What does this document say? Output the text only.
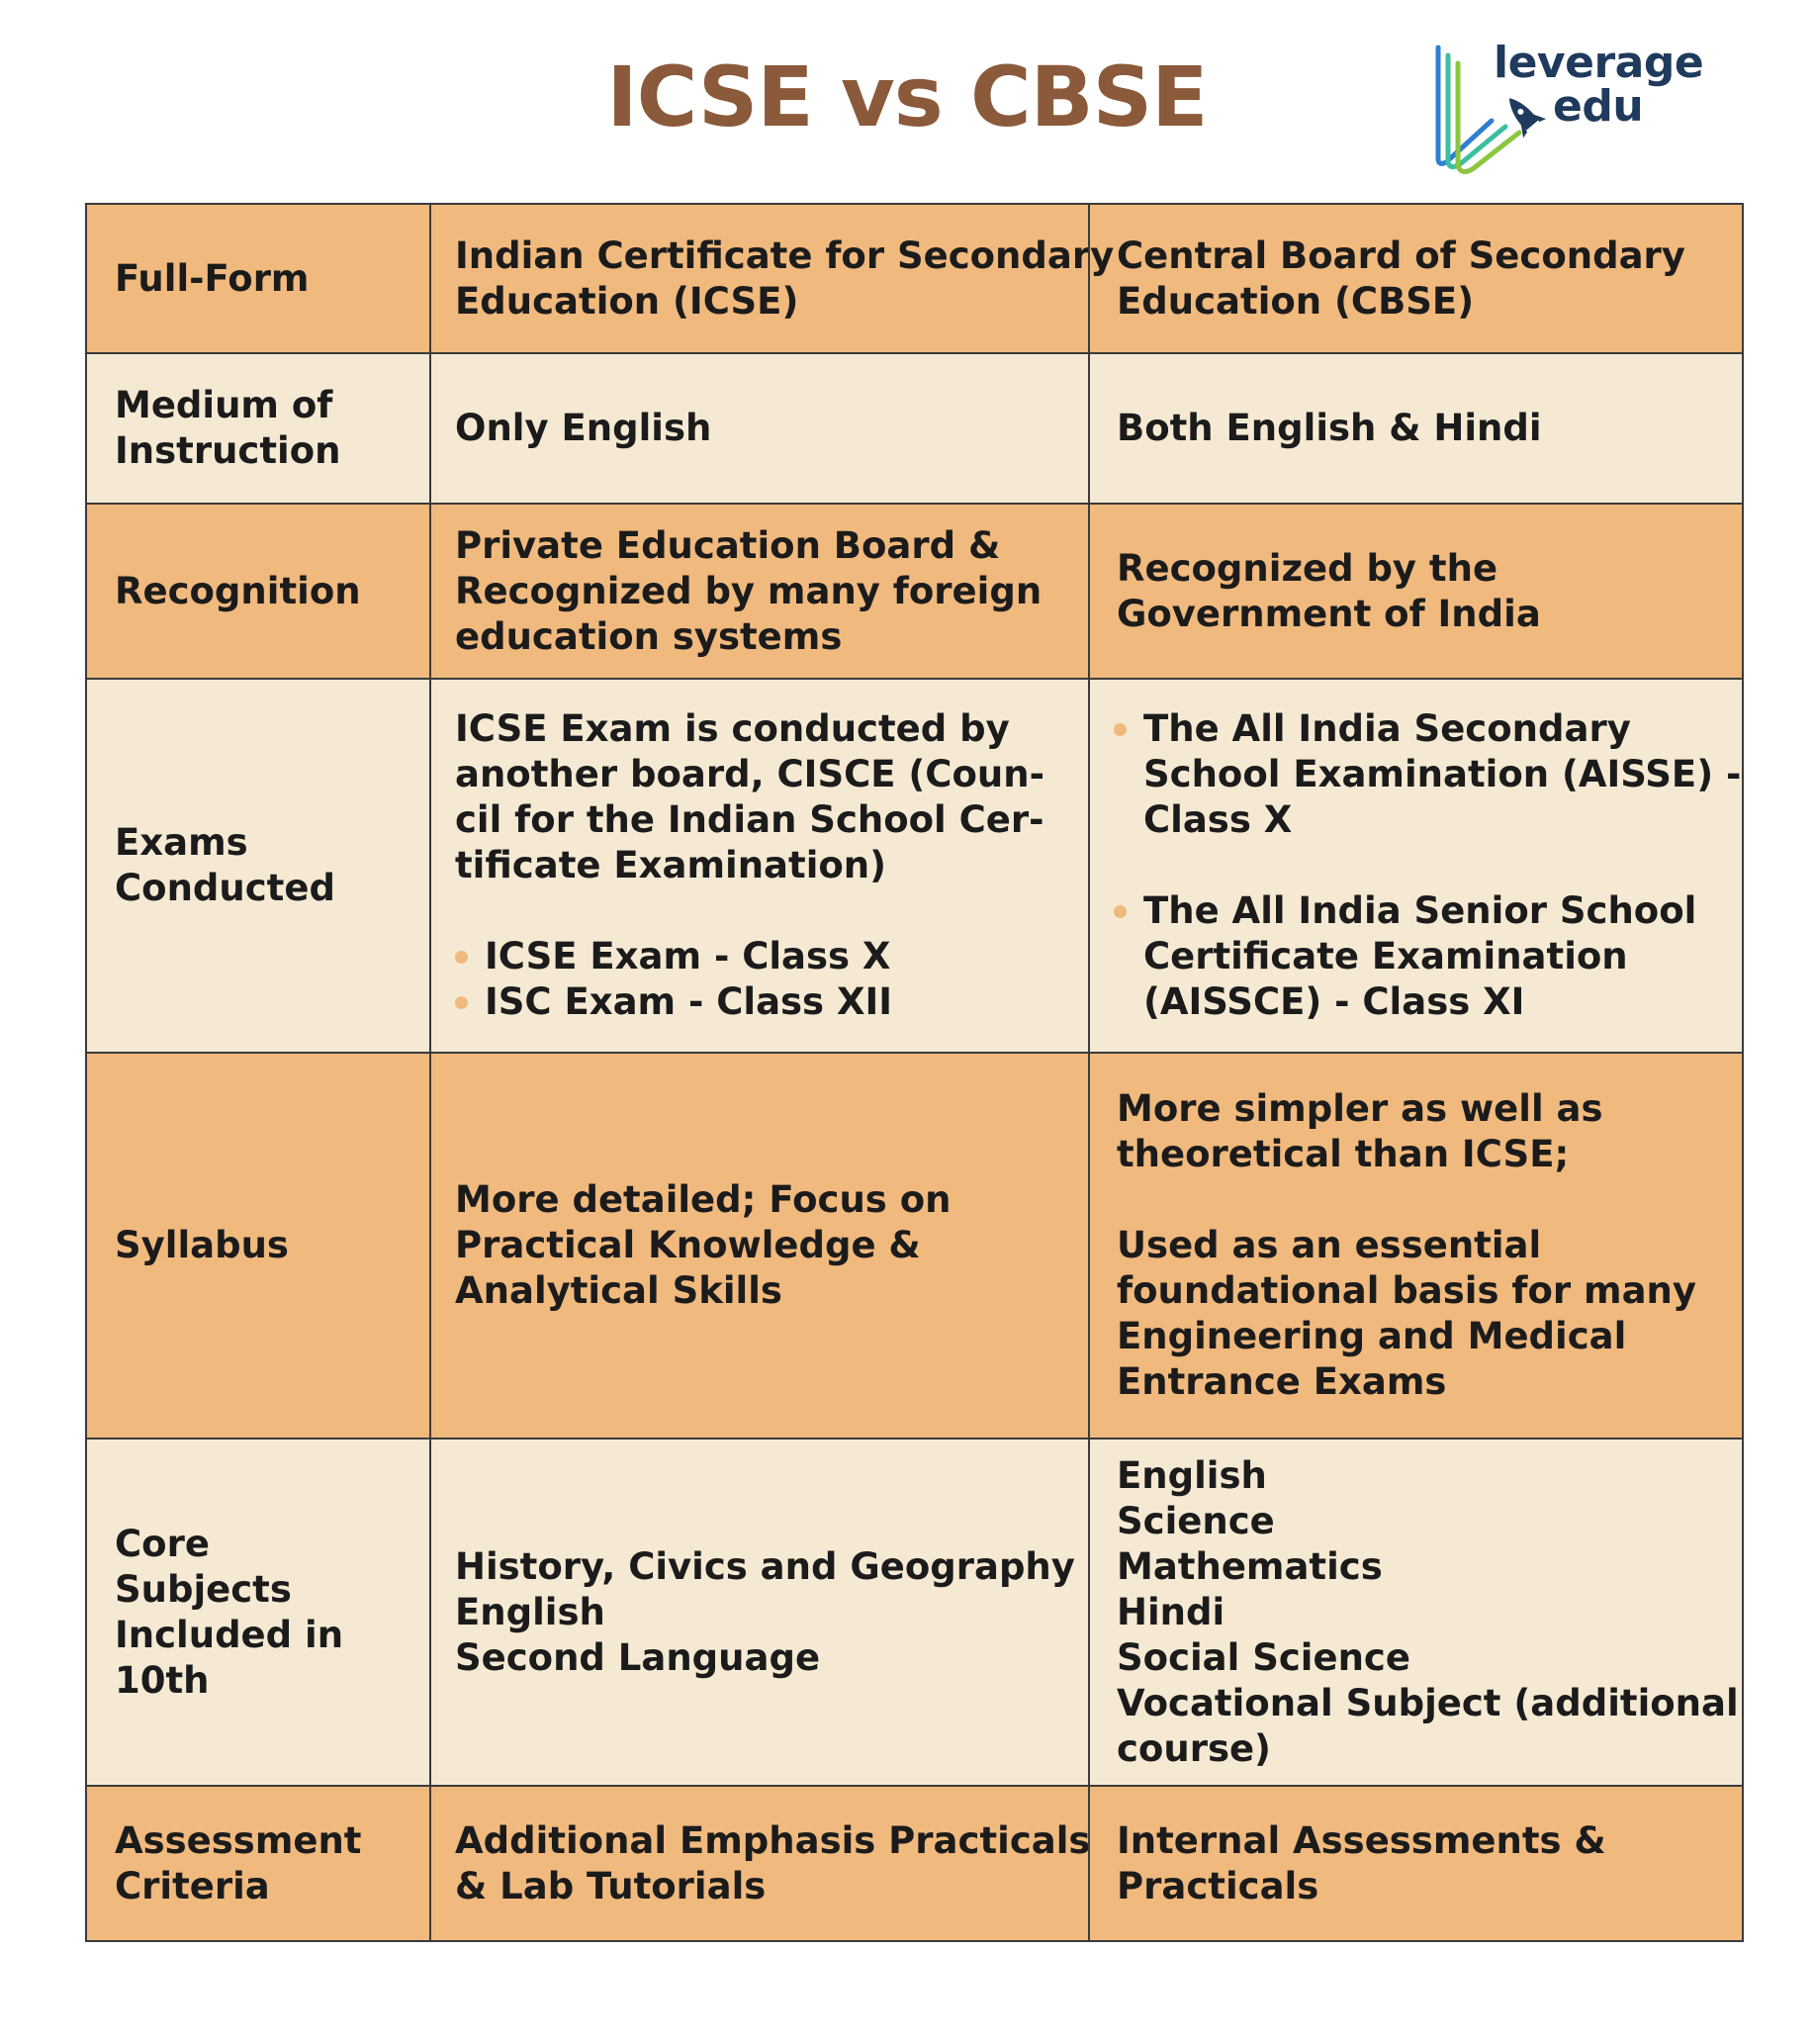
ICSE vs CBSE	leverage
edu
Full-Form
Indian Certificate for Secondary
Education (ICSE)
Central Board of Secondary
Education (CBSE)
Medium of
Instruction
Only English	Both English & Hindi
Recognition
Private Education Board &
Recognized by many foreign
education systems
Recognized by the
Government of India
Exams
Conducted
ICSE Exam is conducted by
another board, CISCE (Coun-
cil for the Indian School Cer-
tificate Examination)
ICSE Exam - Class X
ISC Exam - Class XII
The All India Secondary
School Examination (AISSE) -
Class X
The All India Senior School
Certificate Examination
(AISSCE) - Class XI
Syllabus
More detailed; Focus on
Practical Knowledge &
Analytical Skills
More simpler as well as
theoretical than ICSE;
Used as an essential
foundational basis for many
Engineering and Medical
Entrance Exams
Core
Subjects
Included in
10th
History, Civics and Geography
English
Second Language
English
Science
Mathematics
Hindi
Social Science
Vocational Subject (additional
course)
Assessment
Criteria
Additional Emphasis Practicals
& Lab Tutorials
Internal Assessments &
Practicals
